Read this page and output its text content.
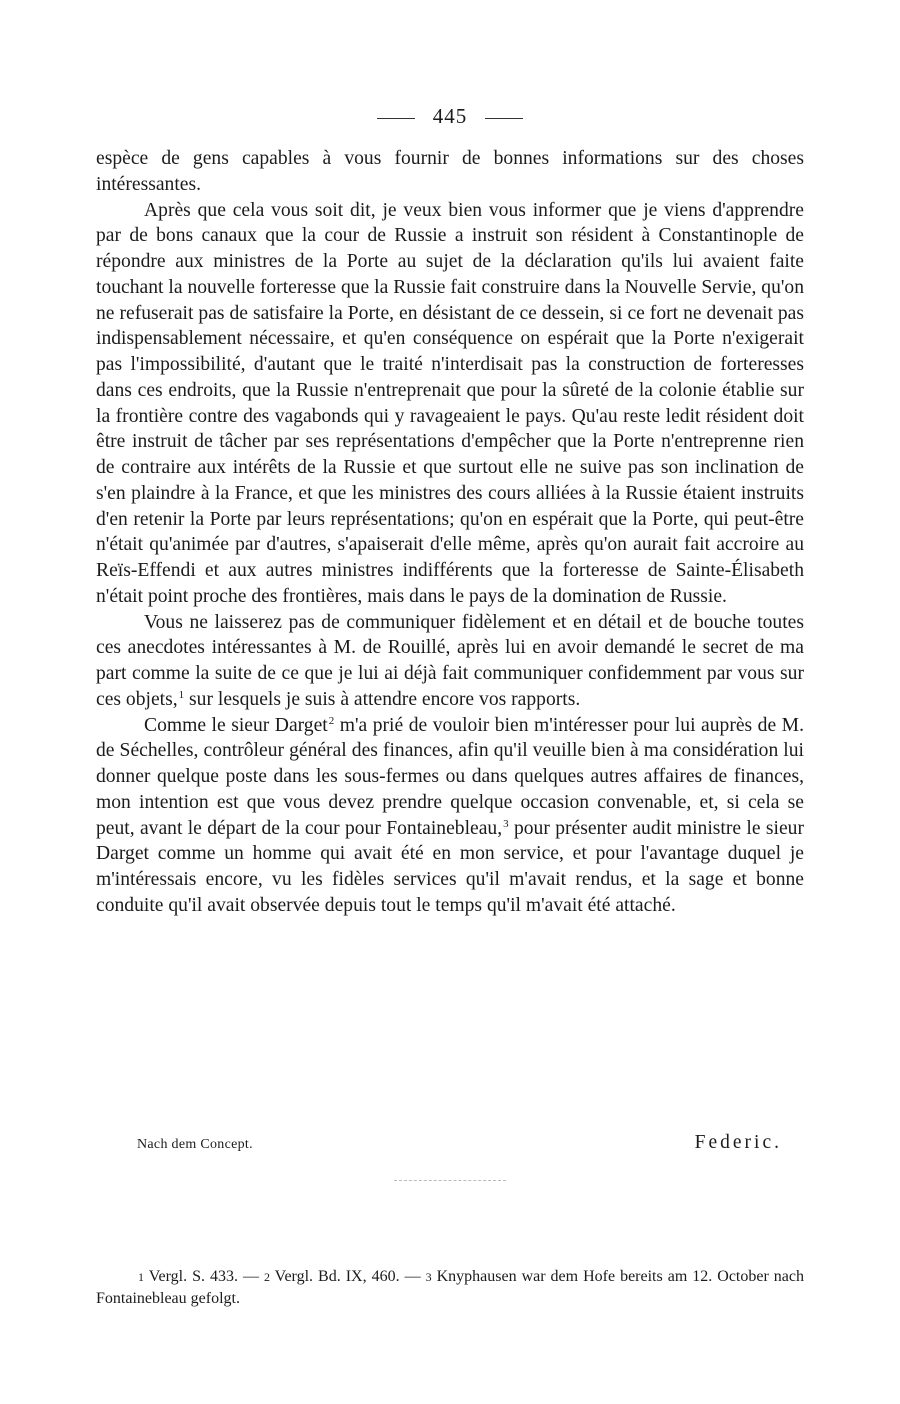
445

espèce de gens capables à vous fournir de bonnes informations sur des choses intéressantes.

Après que cela vous soit dit, je veux bien vous informer que je viens d'apprendre par de bons canaux que la cour de Russie a instruit son résident à Constantinople de répondre aux ministres de la Porte au sujet de la déclaration qu'ils lui avaient faite touchant la nouvelle forteresse que la Russie fait construire dans la Nouvelle Servie, qu'on ne refuserait pas de satisfaire la Porte, en désistant de ce dessein, si ce fort ne devenait pas indispensablement nécessaire, et qu'en conséquence on espérait que la Porte n'exigerait pas l'impossibilité, d'autant que le traité n'interdisait pas la construction de forteresses dans ces endroits, que la Russie n'entreprenait que pour la sûreté de la colonie établie sur la frontière contre des vagabonds qui y ravageaient le pays. Qu'au reste ledit résident doit être instruit de tâcher par ses représentations d'empêcher que la Porte n'entreprenne rien de contraire aux intérêts de la Russie et que surtout elle ne suive pas son inclination de s'en plaindre à la France, et que les ministres des cours alliées à la Russie étaient instruits d'en retenir la Porte par leurs représentations; qu'on en espérait que la Porte, qui peut-être n'était qu'animée par d'autres, s'apaiserait d'elle même, après qu'on aurait fait accroire au Reïs-Effendi et aux autres ministres indifférents que la forteresse de Sainte-Élisabeth n'était point proche des frontières, mais dans le pays de la domination de Russie.

Vous ne laisserez pas de communiquer fidèlement et en détail et de bouche toutes ces anecdotes intéressantes à M. de Rouillé, après lui en avoir demandé le secret de ma part comme la suite de ce que je lui ai déjà fait communiquer confidemment par vous sur ces objets,$^1$ sur lesquels je suis à attendre encore vos rapports.

Comme le sieur Darget$^2$ m'a prié de vouloir bien m'intéresser pour lui auprès de M. de Séchelles, contrôleur général des finances, afin qu'il veuille bien à ma considération lui donner quelque poste dans les sous-fermes ou dans quelques autres affaires de finances, mon intention est que vous devez prendre quelque occasion convenable, et, si cela se peut, avant le départ de la cour pour Fontainebleau,$^3$ pour présenter audit ministre le sieur Darget comme un homme qui avait été en mon service, et pour l'avantage duquel je m'intéressais encore, vu les fidèles services qu'il m'avait rendus, et la sage et bonne conduite qu'il avait observée depuis tout le temps qu'il m'avait été attaché.

Nach dem Concept.	Federic.

1 Vergl. S. 433. — 2 Vergl. Bd. IX, 460. — 3 Knyphausen war dem Hofe bereits am 12. October nach Fontainebleau gefolgt.
